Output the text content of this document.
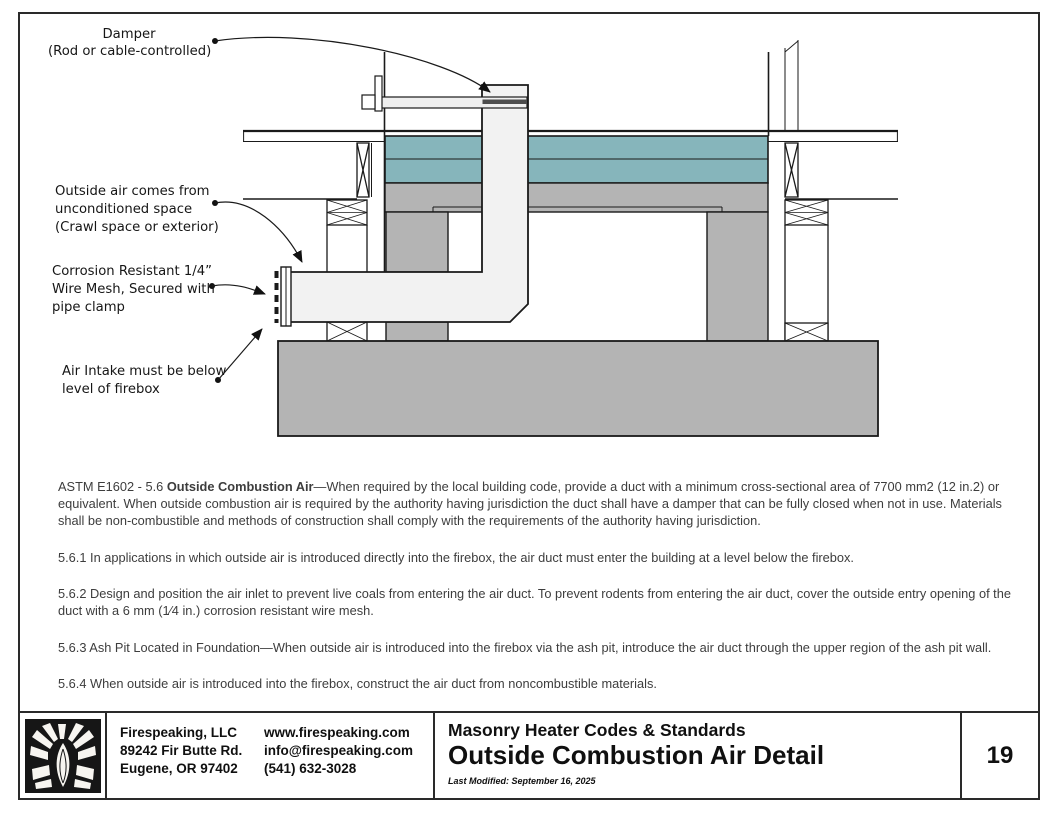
Damper
(Rod or cable-controlled)
Outside air comes from
unconditioned space
(Crawl space or exterior)
Corrosion Resistant 1/4”
Wire Mesh, Secured with
pipe clamp
Air Intake must be below
level of firebox

ASTM E1602 - 5.6 Outside Combustion Air—When required by the local building code, provide a duct with a minimum cross-sectional area of 7700 mm2 (12 in.2) or equivalent. When outside combustion air is required by the authority having jurisdiction the duct shall have a damper that can be fully closed when not in use. Materials shall be non-combustible and methods of construction shall comply with the requirements of the authority having jurisdiction.

5.6.1 In applications in which outside air is introduced directly into the firebox, the air duct must enter the building at a level below the firebox.

5.6.2 Design and position the air inlet to prevent live coals from entering the air duct. To prevent rodents from entering the air duct, cover the outside entry opening of the duct with a 6 mm (1⁄4 in.) corrosion resistant wire mesh.

5.6.3 Ash Pit Located in Foundation—When outside air is introduced into the firebox via the ash pit, introduce the air duct through the upper region of the ash pit wall.

5.6.4 When outside air is introduced into the firebox, construct the air duct from noncombustible materials.

Firespeaking, LLC
89242 Fir Butte Rd.
Eugene, OR 97402
www.firespeaking.com
info@firespeaking.com
(541) 632-3028
Masonry Heater Codes & Standards
Outside Combustion Air Detail
Last Modified: September 16, 2025
19
